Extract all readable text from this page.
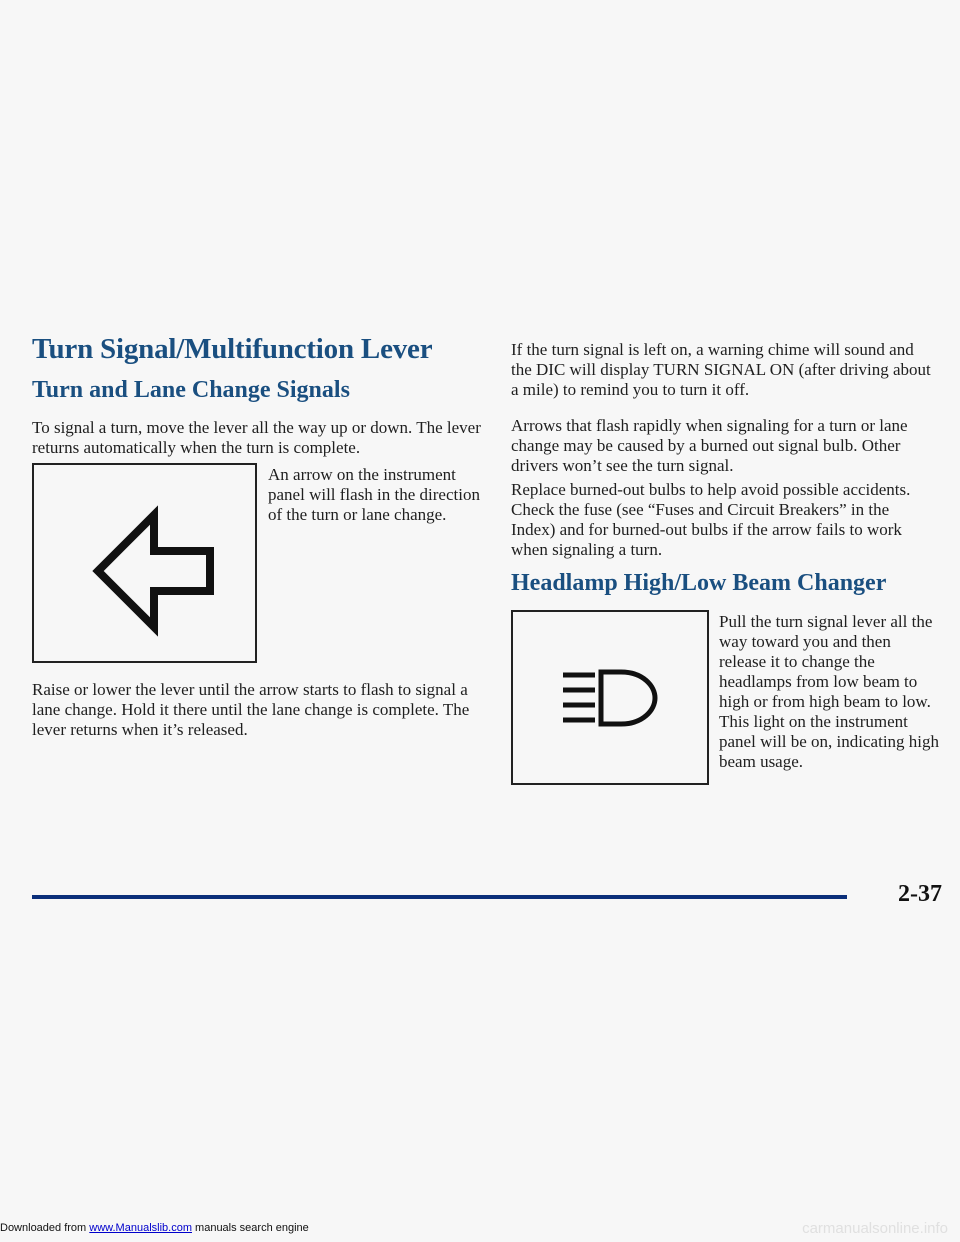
Turn Signal/Multifunction Lever
Turn and Lane Change Signals

To signal a turn, move the lever all the way up or down. The lever returns automatically when the turn is complete.

An arrow on the instrument panel will flash in the direction of the turn or lane change.

Raise or lower the lever until the arrow starts to flash to signal a lane change. Hold it there until the lane change is complete. The lever returns when it’s released.

If the turn signal is left on, a warning chime will sound and the DIC will display TURN SIGNAL ON (after driving about a mile) to remind you to turn it off.

Arrows that flash rapidly when signaling for a turn or lane change may be caused by a burned out signal bulb. Other drivers won’t see the turn signal.

Replace burned-out bulbs to help avoid possible accidents. Check the fuse (see “Fuses and Circuit Breakers” in the Index) and for burned-out bulbs if the arrow fails to work when signaling a turn.

Headlamp High/Low Beam Changer

Pull the turn signal lever all the way toward you and then release it to change the headlamps from low beam to high or from high beam to low. This light on the instrument panel will be on, indicating high beam usage.

2-37

Downloaded from www.Manualslib.com manuals search engine	carmanualsonline.info
